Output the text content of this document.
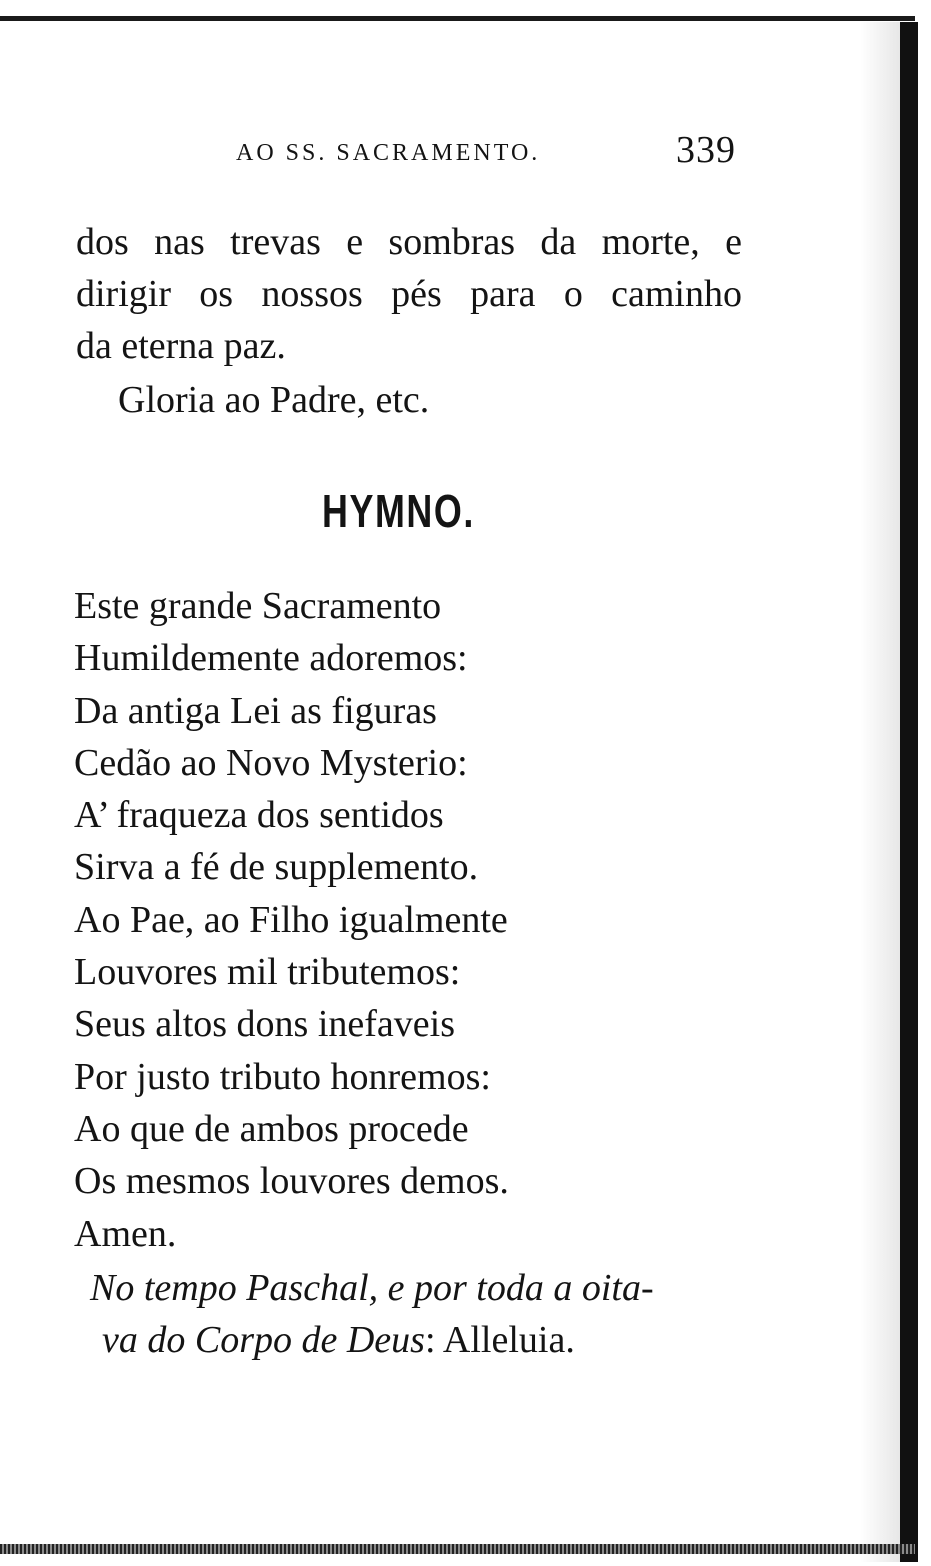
AO SS. SACRAMENTO.	339
dos nas trevas e sombras da morte, e
dirigir os nossos pés para o caminho
da eterna paz.
Gloria ao Padre, etc.
HYMNO.
Este grande Sacramento
Humildemente adoremos:
Da antiga Lei as figuras
Cedão ao Novo Mysterio:
A’ fraqueza dos sentidos
Sirva a fé de supplemento.
Ao Pae, ao Filho igualmente
Louvores mil tributemos:
Seus altos dons inefaveis
Por justo tributo honremos:
Ao que de ambos procede
Os mesmos louvores demos.
Amen.
No tempo Paschal, e por toda a oita-
va do Corpo de Deus: Alleluia.
